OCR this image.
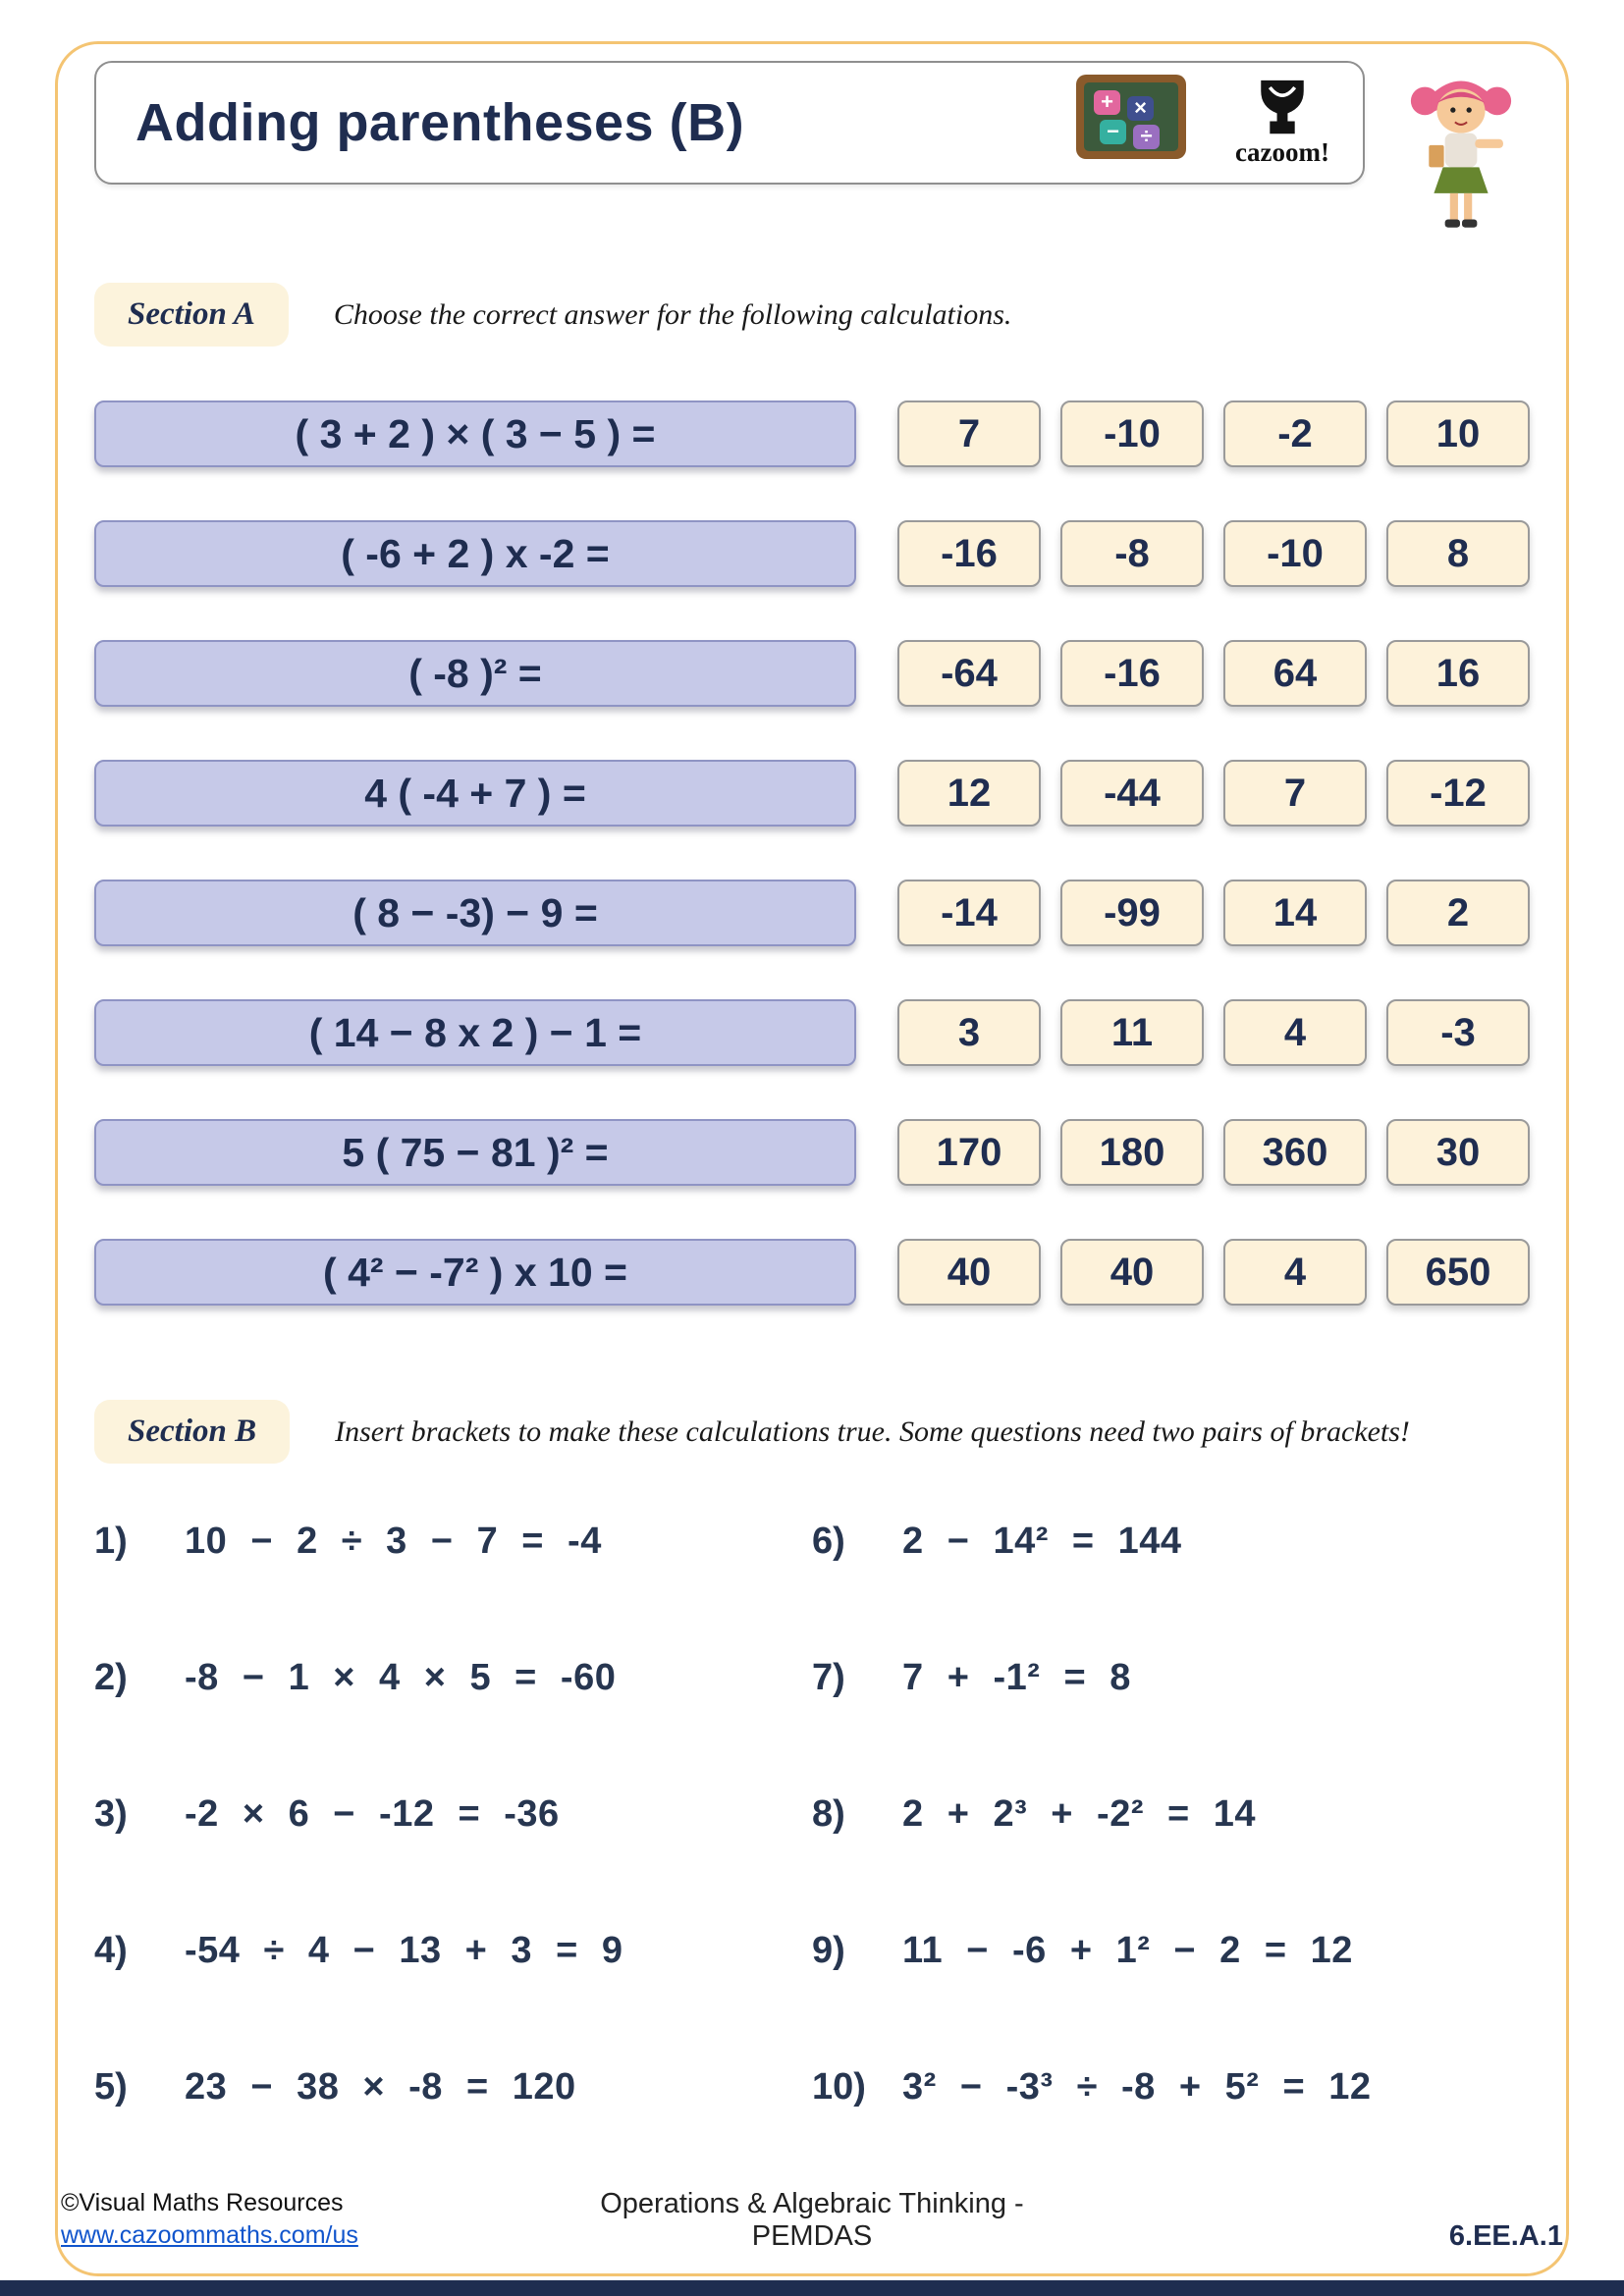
Adding parentheses (B)	+ ×
− ÷
cazoom!
Section A	Choose the correct answer for the following calculations.
( 3 + 2 ) × ( 3 − 5 ) =	7	-10	-2	10
( -6 + 2 ) x -2 =	-16	-8	-10	8
( -8 )² =	-64	-16	64	16
4 ( -4 + 7 ) =	12	-44	7	-12
( 8 − -3) − 9 =	-14	-99	14	2
( 14 − 8 x 2 ) − 1 =	3	11	4	-3
5 ( 75 − 81 )² =	170	180	360	30
( 4² − -7² ) x 10 =	40	40	4	650
Section B	Insert brackets to make these calculations true. Some questions need two pairs of brackets!
1)	10 − 2 ÷ 3 − 7 = -4
2)	-8 − 1 × 4 × 5 = -60
3)	-2 × 6 − -12 = -36
4)	-54 ÷ 4 − 13 + 3 = 9
5)	23 − 38 × -8 = 120
6)	2 − 14² = 144
7)	7 + -1² = 8
8)	2 + 2³ + -2² = 14
9)	11 − -6 + 1² − 2 = 12
10) 3² − -3³ ÷ -8 + 5² = 12
©Visual Maths Resources
www.cazoommaths.com/us
Operations & Algebraic Thinking - PEMDAS	6.EE.A.1
